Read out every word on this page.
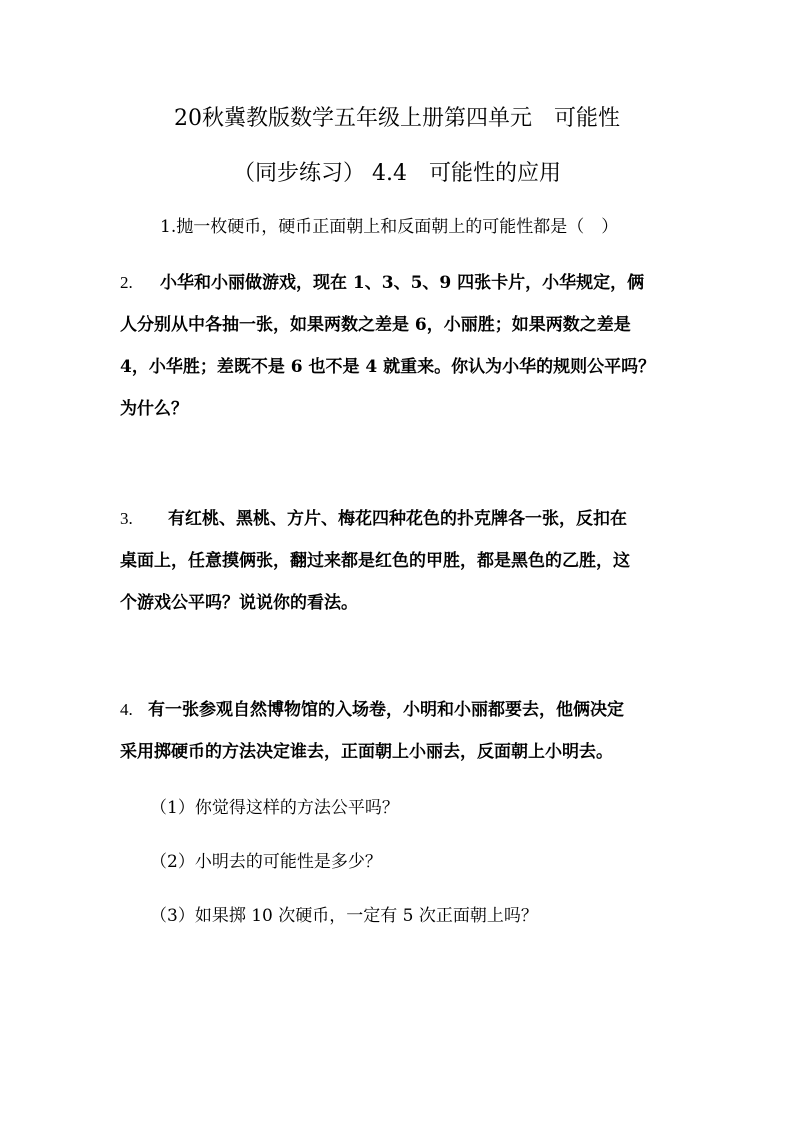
20秋冀教版数学五年级上册第四单元　可能性
（同步练习） 4.4　可能性的应用
1.抛一枚硬币，硬币正面朝上和反面朝上的可能性都是（　）
2. 小华和小丽做游戏，现在 1、3、5、9 四张卡片，小华规定，俩
人分别从中各抽一张，如果两数之差是 6，小丽胜；如果两数之差是
4，小华胜；差既不是 6 也不是 4 就重来。你认为小华的规则公平吗？
为什么？
3. 有红桃、黑桃、方片、梅花四种花色的扑克牌各一张，反扣在
桌面上，任意摸俩张，翻过来都是红色的甲胜，都是黑色的乙胜，这
个游戏公平吗？说说你的看法。
4. 有一张参观自然博物馆的入场卷，小明和小丽都要去，他俩决定
采用掷硬币的方法决定谁去，正面朝上小丽去，反面朝上小明去。
（1）你觉得这样的方法公平吗？
（2）小明去的可能性是多少？
（3）如果掷 10 次硬币，一定有 5 次正面朝上吗？
